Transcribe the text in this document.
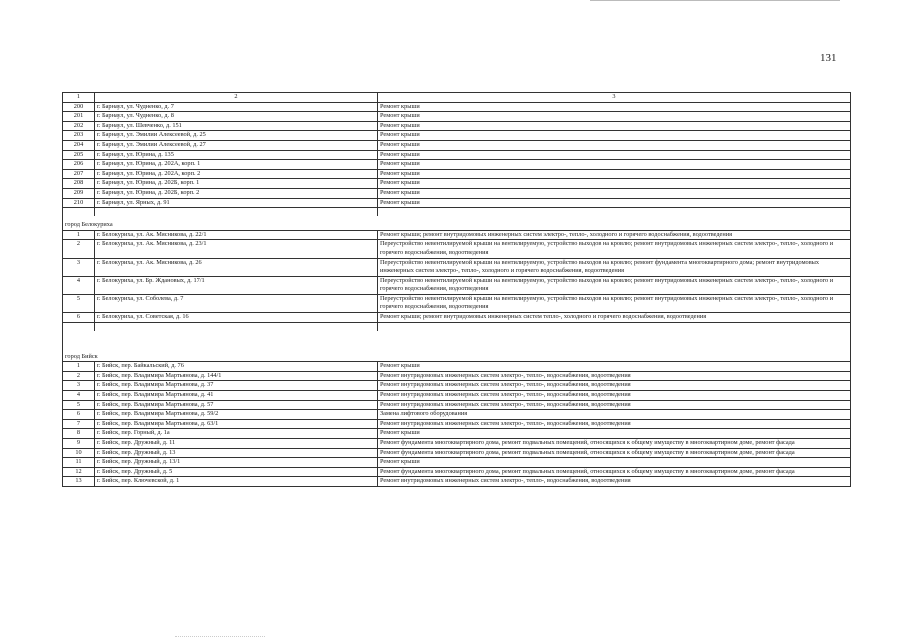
131
1	2	3
200	г. Барнаул, ул. Чудненко, д. 7	Ремонт крыши
201	г. Барнаул, ул. Чудненко, д. 8	Ремонт крыши
202	г. Барнаул, ул. Шевченко, д. 151	Ремонт крыши
203	г. Барнаул, ул. Эмилии Алексеевой, д. 25	Ремонт крыши
204	г. Барнаул, ул. Эмилии Алексеевой, д. 27	Ремонт крыши
205	г. Барнаул, ул. Юрина, д. 135	Ремонт крыши
206	г. Барнаул, ул. Юрина, д. 202А, корп. 1	Ремонт крыши
207	г. Барнаул, ул. Юрина, д. 202А, корп. 2	Ремонт крыши
208	г. Барнаул, ул. Юрина, д. 202Б, корп. 1	Ремонт крыши
209	г. Барнаул, ул. Юрина, д. 202Б, корп. 2	Ремонт крыши
210	г. Барнаул, ул. Ярных, д. 91	Ремонт крыши

город Белокуриха		
1	г. Белокуриха, ул. Ак. Мясникова, д. 22/1	Ремонт крыши; ремонт внутридомовых инженерных систем электро-, тепло-, холодного и горячего водоснабжения, водоотведения
2	г. Белокуриха, ул. Ак. Мясникова, д. 23/1	Переустройство невентилируемой крыши на вентилируемую, устройство выходов на кровлю; ремонт внутридомовых инженерных систем электро-, тепло-, холодного и горячего водоснабжения, водоотведения
3	г. Белокуриха, ул. Ак. Мясникова, д. 26	Переустройство невентилируемой крыши на вентилируемую, устройство выходов на кровлю; ремонт фундамента многоквартирного дома; ремонт внутридомовых инженерных систем электро-, тепло-, холодного и горячего водоснабжения, водоотведения
4	г. Белокуриха, ул. Бр. Ждановых, д. 17/1	Переустройство невентилируемой крыши на вентилируемую, устройство выходов на кровлю; ремонт внутридомовых инженерных систем электро-, тепло-, холодного и горячего водоснабжения, водоотведения
5	г. Белокуриха, ул. Соболева, д. 7	Переустройство невентилируемой крыши на вентилируемую, устройство выходов на кровлю; ремонт внутридомовых инженерных систем электро-, тепло-, холодного и горячего водоснабжения, водоотведения
6	г. Белокуриха, ул. Советская, д. 16	Ремонт крыши; ремонт внутридомовых инженерных систем тепло-, холодного и горячего водоснабжения, водоотведения

город Бийск		
1	г. Бийск, пер. Байкальский, д. 76	Ремонт крыши
2	г. Бийск, пер. Владимира Мартьянова, д. 144/1	Ремонт внутридомовых инженерных систем электро-, тепло-, водоснабжения, водоотведения
3	г. Бийск, пер. Владимира Мартьянова, д. 37	Ремонт внутридомовых инженерных систем электро-, тепло-, водоснабжения, водоотведения
4	г. Бийск, пер. Владимира Мартьянова, д. 41	Ремонт внутридомовых инженерных систем электро-, тепло-, водоснабжения, водоотведения
5	г. Бийск, пер. Владимира Мартьянова, д. 57	Ремонт внутридомовых инженерных систем электро-, тепло-, водоснабжения, водоотведения
6	г. Бийск, пер. Владимира Мартьянова, д. 59/2	Замена лифтового оборудования
7	г. Бийск, пер. Владимира Мартьянова, д. 63/1	Ремонт внутридомовых инженерных систем электро-, тепло-, водоснабжения, водоотведения
8	г. Бийск, пер. Горный, д. 1а	Ремонт крыши
9	г. Бийск, пер. Дружный, д. 11	Ремонт фундамента многоквартирного дома, ремонт подвальных помещений, относящихся к общему имуществу в многоквартирном доме, ремонт фасада
10	г. Бийск, пер. Дружный, д. 13	Ремонт фундамента многоквартирного дома, ремонт подвальных помещений, относящихся к общему имуществу в многоквартирном доме, ремонт фасада
11	г. Бийск, пер. Дружный, д. 13/1	Ремонт крыши
12	г. Бийск, пер. Дружный, д. 5	Ремонт фундамента многоквартирного дома, ремонт подвальных помещений, относящихся к общему имуществу в многоквартирном доме, ремонт фасада
13	г. Бийск, пер. Ключевской, д. 1	Ремонт внутридомовых инженерных систем электро-, тепло-, водоснабжения, водоотведения
